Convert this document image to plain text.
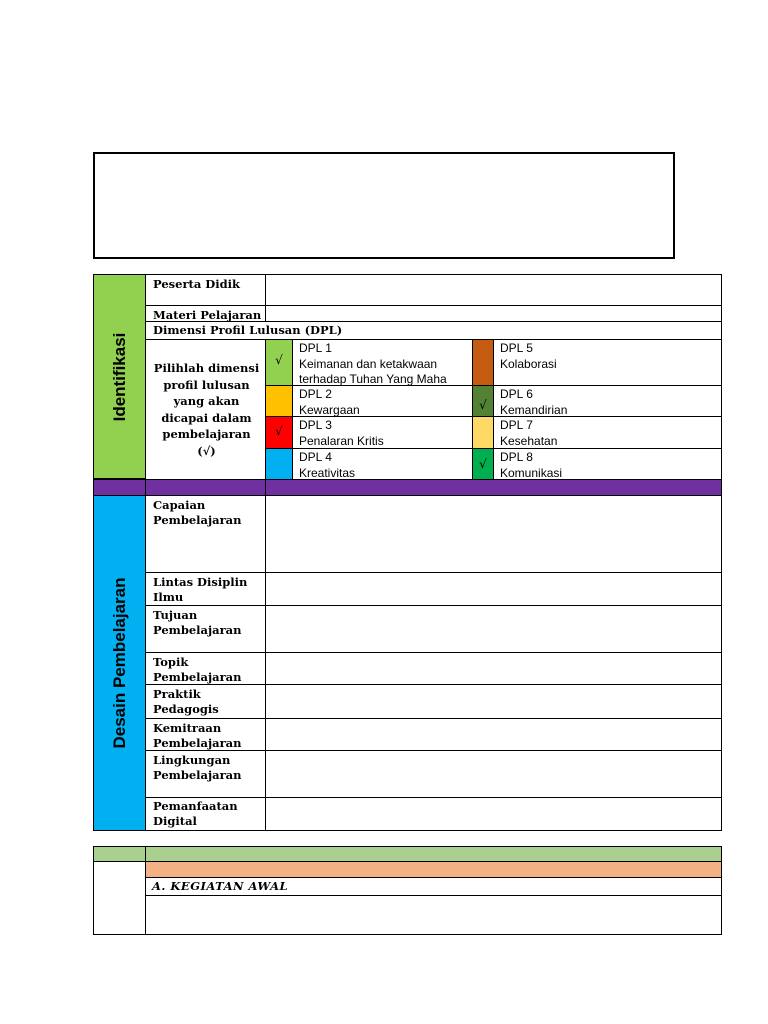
Identifikasi
Peserta Didik
Materi Pelajaran
Dimensi Profil Lulusan (DPL)
Pilihlah dimensi profil lulusan yang akan dicapai dalam pembelajaran (√)
√
DPL 1
Keimanan dan ketakwaan terhadap Tuhan Yang Maha
DPL 2
Kewargaan
√	DPL 3
Penalaran Kritis
DPL 4
Kreativitas
DPL 5
Kolaborasi
√
DPL 6
Kemandirian
DPL 7
Kesehatan
√	DPL 8
Komunikasi
Desain Pembelajaran
Capaian Pembelajaran
Lintas Disiplin Ilmu
Tujuan Pembelajaran
Topik Pembelajaran
Praktik Pedagogis
Kemitraan Pembelajaran
Lingkungan Pembelajaran
Pemanfaatan Digital
A. KEGIATAN AWAL
